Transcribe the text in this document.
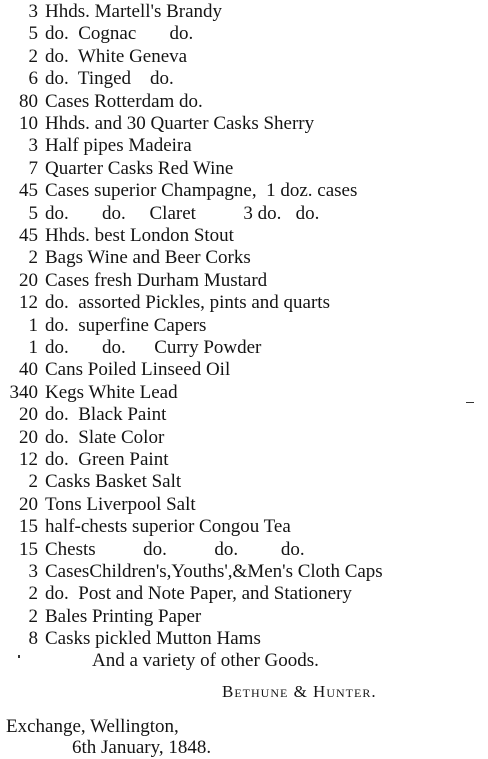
3 Hhds. Martell's Brandy
5 do.  Cognac       do.
2 do.  White Geneva
6 do.  Tinged    do.
80 Cases Rotterdam do.
10 Hhds. and 30 Quarter Casks Sherry
3 Half pipes Madeira
7 Quarter Casks Red Wine
45 Cases superior Champagne,  1 doz. cases
5 do.       do.     Claret          3 do.   do.
45 Hhds. best London Stout
2 Bags Wine and Beer Corks
20 Cases fresh Durham Mustard
12 do.  assorted Pickles, pints and quarts
1 do.  superfine Capers
1 do.       do.      Curry Powder
40 Cans Poiled Linseed Oil
340 Kegs White Lead
20 do.  Black Paint
20 do.  Slate Color
12 do.  Green Paint
2 Casks Basket Salt
20 Tons Liverpool Salt
15 half-chests superior Congou Tea
15 Chests          do.          do.         do.
3 CasesChildren's,Youths',&Men's Cloth Caps
2 do.  Post and Note Paper, and Stationery
2 Bales Printing Paper
8 Casks pickled Mutton Hams
And a variety of other Goods.
Bethune & Hunter.
Exchange, Wellington,
6th January, 1848.
